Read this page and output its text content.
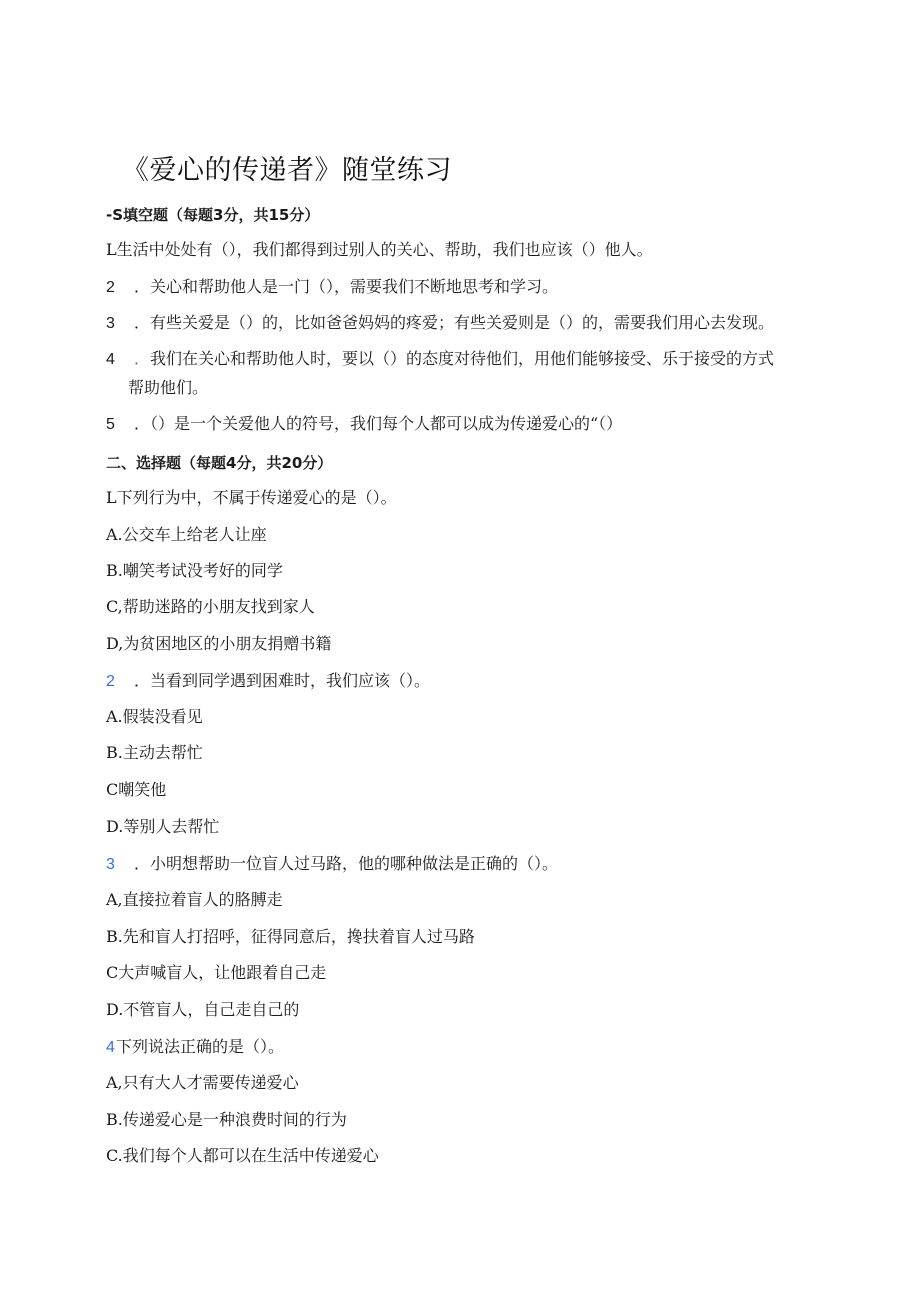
《爱心的传递者》随堂练习
-S填空题（每题3分，共15分）
L生活中处处有（），我们都得到过别人的关心、帮助，我们也应该（）他人。
2 ．关心和帮助他人是一门（），需要我们不断地思考和学习。
3 ．有些关爱是（）的，比如爸爸妈妈的疼爱；有些关爱则是（）的，需要我们用心去发现。
4 ．我们在关心和帮助他人时，要以（）的态度对待他们，用他们能够接受、乐于接受的方式
帮助他们。
5 ．（）是一个关爱他人的符号，我们每个人都可以成为传递爱心的“（）
二、选择题（每题4分，共20分）
L下列行为中，不属于传递爱心的是（）。
A.公交车上给老人让座
B.嘲笑考试没考好的同学
C,帮助迷路的小朋友找到家人
D,为贫困地区的小朋友捐赠书籍
2 ．当看到同学遇到困难时，我们应该（）。
A.假装没看见
B.主动去帮忙
C嘲笑他
D.等别人去帮忙
3 ．小明想帮助一位盲人过马路，他的哪种做法是正确的（）。
A,直接拉着盲人的胳膊走
B.先和盲人打招呼，征得同意后，搀扶着盲人过马路
C大声喊盲人，让他跟着自己走
D.不管盲人，自己走自己的
4下列说法正确的是（）。
A,只有大人才需要传递爱心
B.传递爱心是一种浪费时间的行为
C.我们每个人都可以在生活中传递爱心
